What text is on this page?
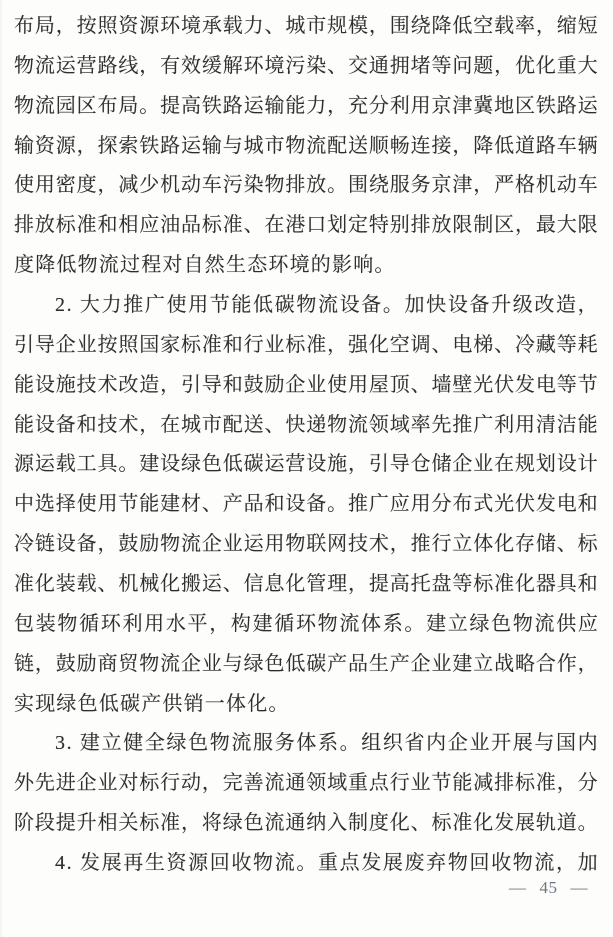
布 局 ， 按 照 资 源 环 境 承 载 力 、 城 市 规 模 ， 围 绕 降 低 空 载 率 ， 缩 短
物 流 运 营 路 线 ， 有 效 缓 解 环 境 污 染 、 交 通 拥 堵 等 问 题 ， 优 化 重 大
物 流 园 区 布 局 。 提 高 铁 路 运 输 能 力 ， 充 分 利 用 京 津 冀 地 区 铁 路 运
输 资 源 ， 探 索 铁 路 运 输 与 城 市 物 流 配 送 顺 畅 连 接 ， 降 低 道 路 车 辆
使 用 密 度 ， 减 少 机 动 车 污 染 物 排 放 。 围 绕 服 务 京 津 ， 严 格 机 动 车
排 放 标 准 和 相 应 油 品 标 准 、 在 港 口 划 定 特 别 排 放 限 制 区 ， 最 大 限
度降低物流过程对自然生态环境的影响。
2 .
大 力 推 广 使 用 节 能 低 碳 物 流 设 备 。 加 快 设 备 升 级 改 造 ，
引 导 企 业 按 照 国 家 标 准 和 行 业 标 准 ， 强 化 空 调 、 电 梯 、 冷 藏 等 耗
能 设 施 技 术 改 造 ， 引 导 和 鼓 励 企 业 使 用 屋 顶 、 墙 壁 光 伏 发 电 等 节
能 设 备 和 技 术 ， 在 城 市 配 送 、 快 递 物 流 领 域 率 先 推 广 利 用 清 洁 能
源 运 载 工 具 。 建 设 绿 色 低 碳 运 营 设 施 ， 引 导 仓 储 企 业 在 规 划 设 计
中 选 择 使 用 节 能 建 材 、 产 品 和 设 备 。 推 广 应 用 分 布 式 光 伏 发 电 和
冷 链 设 备 ， 鼓 励 物 流 企 业 运 用 物 联 网 技 术 ， 推 行 立 体 化 存 储 、 标
准 化 装 载 、 机 械 化 搬 运 、 信 息 化 管 理 ， 提 高 托 盘 等 标 准 化 器 具 和
包 装 物 循 环 利 用 水 平 ， 构 建 循 环 物 流 体 系 。 建 立 绿 色 物 流 供 应
链 ， 鼓 励 商 贸 物 流 企 业 与 绿 色 低 碳 产 品 生 产 企 业 建 立 战 略 合 作 ，
实现绿色低碳产供销一体化。
3 .
建 立 健 全 绿 色 物 流 服 务 体 系 。 组 织 省 内 企 业 开 展 与 国 内
外 先 进 企 业 对 标 行 动 ， 完 善 流 通 领 域 重 点 行 业 节 能 减 排 标 准 ， 分
阶 段 提 升 相 关 标 准 ， 将 绿 色 流 通 纳 入 制 度 化 、 标 准 化 发 展 轨 道 。
4 .
发 展 再 生 资 源 回 收 物 流 。 重 点 发 展 废 弃 物 回 收 物 流 ， 加
— 45 —
